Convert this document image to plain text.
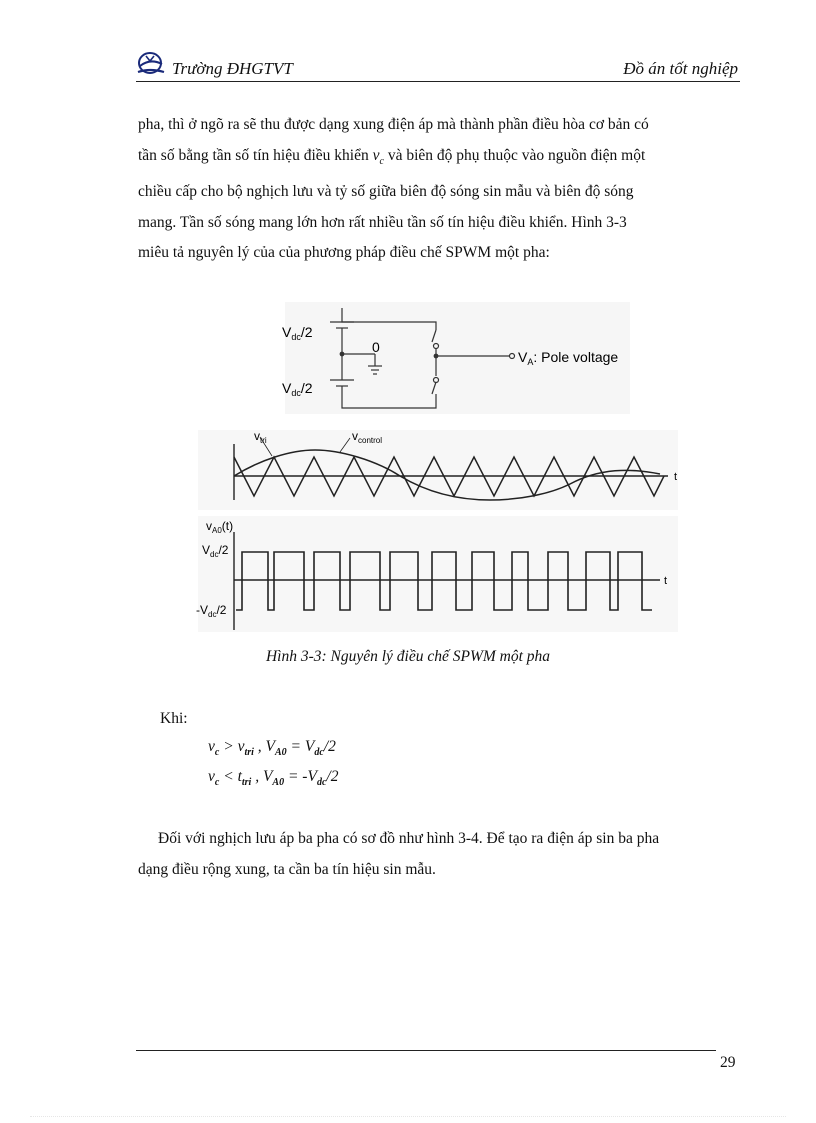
Trường ĐHGTVT	Đồ án tốt nghiệp

pha, thì ở ngõ ra sẽ thu được dạng xung điện áp mà thành phần điều hòa cơ bản có
tần số bằng tần số tín hiệu điều khiển $v_c$ và biên độ phụ thuộc vào nguồn điện một
chiều cấp cho bộ nghịch lưu và tỷ số giữa biên độ sóng sin mẫu và biên độ sóng
mang. Tần số sóng mang lớn hơn rất nhiều tần số tín hiệu điều khiển. Hình 3-3
miêu tả nguyên lý của của phương pháp điều chế SPWM một pha:

$V_{dc}/2$
$V_{dc}/2$
0
$V_A$: Pole voltage
t
$v_{tri}$	$v_{control}$
t
$v_{A0}(t)$
$V_{dc}/2$
$-V_{dc}/2$
Hình 3-3: Nguyên lý điều chế SPWM một pha
Khi:
$v_c > v_{tri}$ , $V_{A0} = V_{dc}/2$
$v_c < t_{tri}$ , $V_{A0} = -V_{dc}/2$

Đối với nghịch lưu áp ba pha có sơ đồ như hình 3-4. Để tạo ra điện áp sin ba pha
dạng điều rộng xung, ta cần ba tín hiệu sin mẫu.

29
